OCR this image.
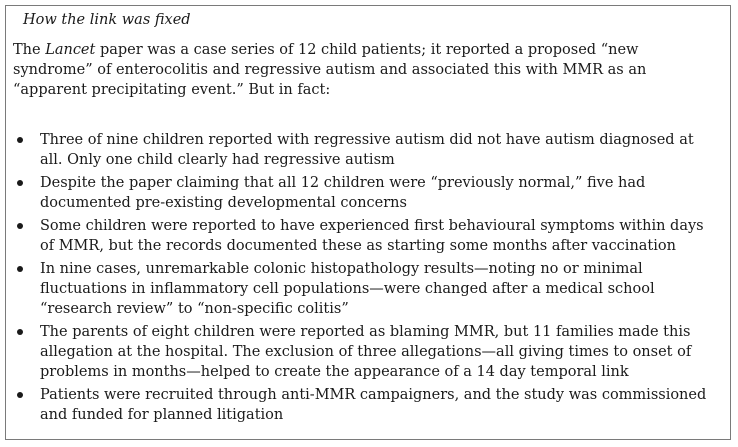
How the link was fixed

The Lancet paper was a case series of 12 child patients; it reported a proposed “new syndrome” of enterocolitis and regressive autism and associated this with MMR as an “apparent precipitating event.” But in fact:

Three of nine children reported with regressive autism did not have autism diagnosed at all. Only one child clearly had regressive autism
Despite the paper claiming that all 12 children were “previously normal,” five had documented pre-existing developmental concerns
Some children were reported to have experienced first behavioural symptoms within days of MMR, but the records documented these as starting some months after vaccination
In nine cases, unremarkable colonic histopathology results—noting no or minimal fluctuations in inflammatory cell populations—were changed after a medical school “research review” to “non-specific colitis”
The parents of eight children were reported as blaming MMR, but 11 families made this allegation at the hospital. The exclusion of three allegations—all giving times to onset of problems in months—helped to create the appearance of a 14 day temporal link
Patients were recruited through anti-MMR campaigners, and the study was commissioned and funded for planned litigation
